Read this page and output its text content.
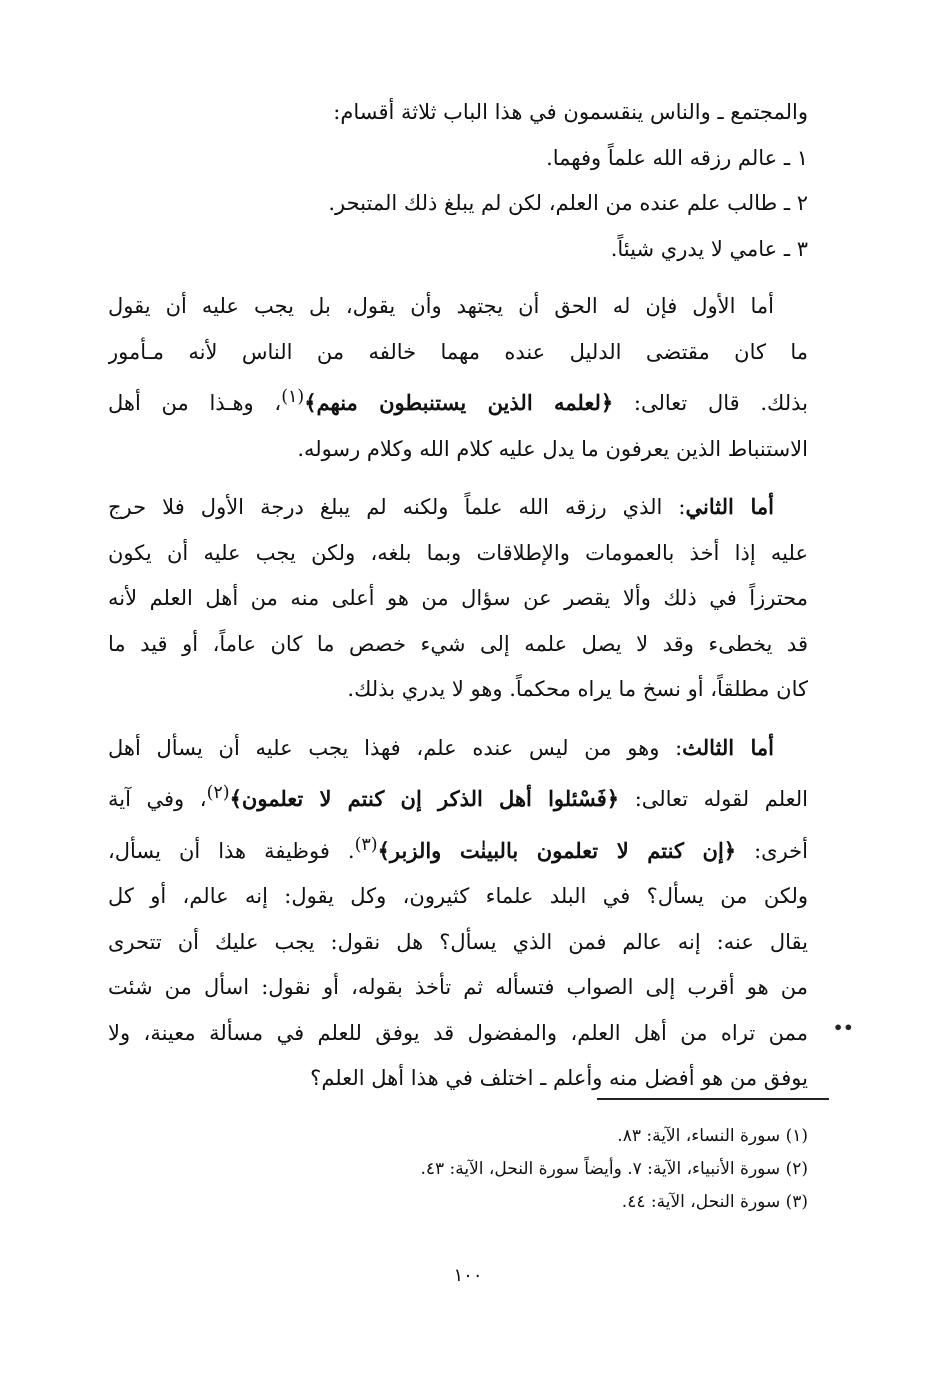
والمجتمع ـ والناس ينقسمون في هذا الباب ثلاثة أقسام:
١ ـ عالم رزقه الله علماً وفهما.
٢ ـ طالب علم عنده من العلم، لكن لم يبلغ ذلك المتبحر.
٣ ـ عامي لا يدري شيئاً.
أما الأول فإن له الحق أن يجتهد وأن يقول، بل يجب عليه أن يقول
ما كان مقتضى الدليل عنده مهما خالفه من الناس لأنه مـأمور
بذلك. قال تعالى: ﴿لعلمه الذين يستنبطون منهم﴾$^{(١)}$، وهـذا من أهل
الاستنباط الذين يعرفون ما يدل عليه كلام الله وكلام رسوله.
أما الثاني: الذي رزقه الله علماً ولكنه لم يبلغ درجة الأول فلا حرج
عليه إذا أخذ بالعمومات والإطلاقات وبما بلغه، ولكن يجب عليه أن يكون
محترزاً في ذلك وألا يقصر عن سؤال من هو أعلى منه من أهل العلم لأنه
قد يخطىء وقد لا يصل علمه إلى شيء خصص ما كان عاماً، أو قيد ما
كان مطلقاً، أو نسخ ما يراه محكماً. وهو لا يدري بذلك.
أما الثالث: وهو من ليس عنده علم، فهذا يجب عليه أن يسأل أهل
العلم لقوله تعالى: ﴿فَسْئلوا أهل الذكر إن كنتم لا تعلمون﴾$^{(٢)}$، وفي آية
أخرى: ﴿إن كنتم لا تعلمون بالبينٰت والزبر﴾$^{(٣)}$. فوظيفة هذا أن يسأل،
ولكن من يسأل؟ في البلد علماء كثيرون، وكل يقول: إنه عالم، أو كل
يقال عنه: إنه عالم فمن الذي يسأل؟ هل نقول: يجب عليك أن تتحرى
من هو أقرب إلى الصواب فتسأله ثم تأخذ بقوله، أو نقول: اسأل من شئت
ممن تراه من أهل العلم، والمفضول قد يوفق للعلم في مسألة معينة، ولا
يوفق من هو أفضل منه وأعلم ـ اختلف في هذا أهل العلم؟
••
(١) سورة النساء، الآية: ٨٣.
(٢) سورة الأنبياء، الآية: ٧. وأيضاً سورة النحل، الآية: ٤٣.
(٣) سورة النحل، الآية: ٤٤.
١٠٠
